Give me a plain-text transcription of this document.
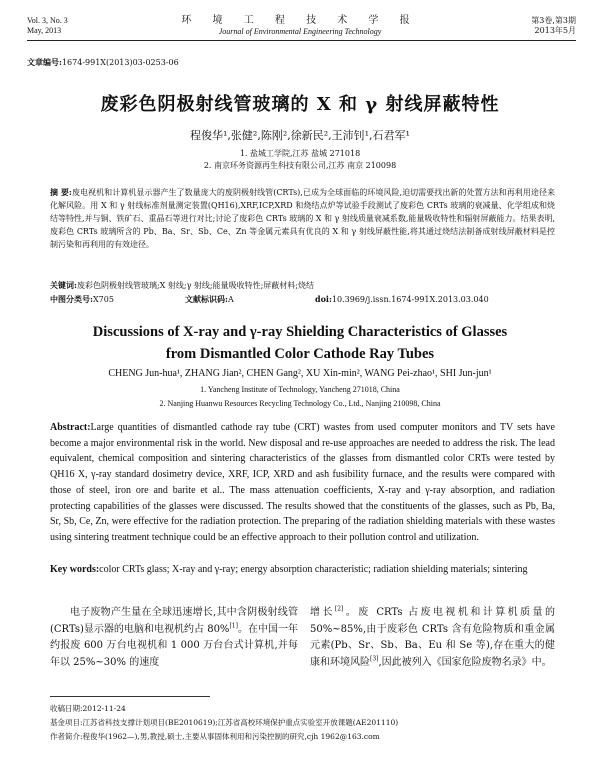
Vol. 3, No. 3
May, 2013
环 境 工 程 技 术 学 报
Journal of Environmental Engineering Technology
第3卷,第3期
2013年5月
文章编号:1674-991X(2013)03-0253-06
废彩色阴极射线管玻璃的 X 和 γ 射线屏蔽特性
程俊华¹,张健²,陈刚²,徐新民²,王沛钊¹,石君军¹
1. 盐城工学院,江苏 盐城 271018
2. 南京环务资源再生科技有限公司,江苏 南京 210098
摘 要:废电视机和计算机显示器产生了数量庞大的废阴极射线管(CRTs),已成为全球面临的环境风险,迫切需要找出新的处置方法和再利用途径来化解风险。用 X 和 γ 射线标准剂量测定装置(QH16),XRF,ICP,XRD 和烧结点炉等试验手段测试了废彩色 CRTs 玻璃的衰减量、化学组成和烧结等特性,并与铜、铁矿石、重晶石等进行对比;讨论了废彩色 CRTs 玻璃的 X 和 γ 射线质量衰减系数,能量吸收特性和辐射屏蔽能力。结果表明,废彩色 CRTs 玻璃所含的 Pb、Ba、Sr、Sb、Ce、Zn 等金属元素具有优良的 X 和 γ 射线屏蔽性能,将其通过烧结法制备成射线屏蔽材料是控制污染和再利用的有效途径。
关键词:废彩色阴极射线管玻璃;X 射线;γ 射线;能量吸收特性;屏蔽材料;烧结
中图分类号:X705	文献标识码:A	doi:10.3969/j.issn.1674-991X.2013.03.040
Discussions of X-ray and γ-ray Shielding Characteristics of Glasses
from Dismantled Color Cathode Ray Tubes
CHENG Jun-hua¹, ZHANG Jian², CHEN Gang², XU Xin-min², WANG Pei-zhao¹, SHI Jun-jun¹
1. Yancheng Institute of Technology, Yancheng 271018, China
2. Nanjing Huanwu Resources Recycling Technology Co., Ltd., Nanjing 210098, China
Abstract:Large quantities of dismantled cathode ray tube (CRT) wastes from used computer monitors and TV sets have become a major environmental risk in the world. New disposal and re-use approaches are needed to address the risk. The lead equivalent, chemical composition and sintering characteristics of the glasses from dismantled color CRTs were tested by QH16 X, γ-ray standard dosimetry device, XRF, ICP, XRD and ash fusibility furnace, and the results were compared with those of steel, iron ore and barite et al.. The mass attenuation coefficients, X-ray and γ-ray absorption, and radiation protecting capabilities of the glasses were discussed. The results showed that the constituents of the glasses, such as Pb, Ba, Sr, Sb, Ce, Zn, were effective for the radiation protection. The preparing of the radiation shielding materials with these wastes using sintering treatment technique could be an effective approach to their pollution control and utilization.
Key words:color CRTs glass; X-ray and γ-ray; energy absorption characteristic; radiation shielding materials; sintering
电子废物产生量在全球迅速增长,其中含阴极射线管(CRTs)显示器的电脑和电视机约占 80%[1]。在中国一年约报废 600 万台电视机和 1 000 万台台式计算机,并每年以 25%~30% 的速度
增长[2]。废 CRTs 占废电视机和计算机质量的 50%~85%,由于废彩色 CRTs 含有危险物质和重金属元素(Pb、Sr、Sb、Ba、Eu 和 Se 等),存在重大的健康和环境风险[3],因此被列入《国家危险废物名录》中。
收稿日期:2012-11-24
基金项目:江苏省科技支撑计划项目(BE2010619);江苏省高校环境保护重点实验室开放课题(AE201110)
作者简介:程俊华(1962—),男,教授,硕士,主要从事固体利用和污染控制的研究,cjh 1962@163.com
